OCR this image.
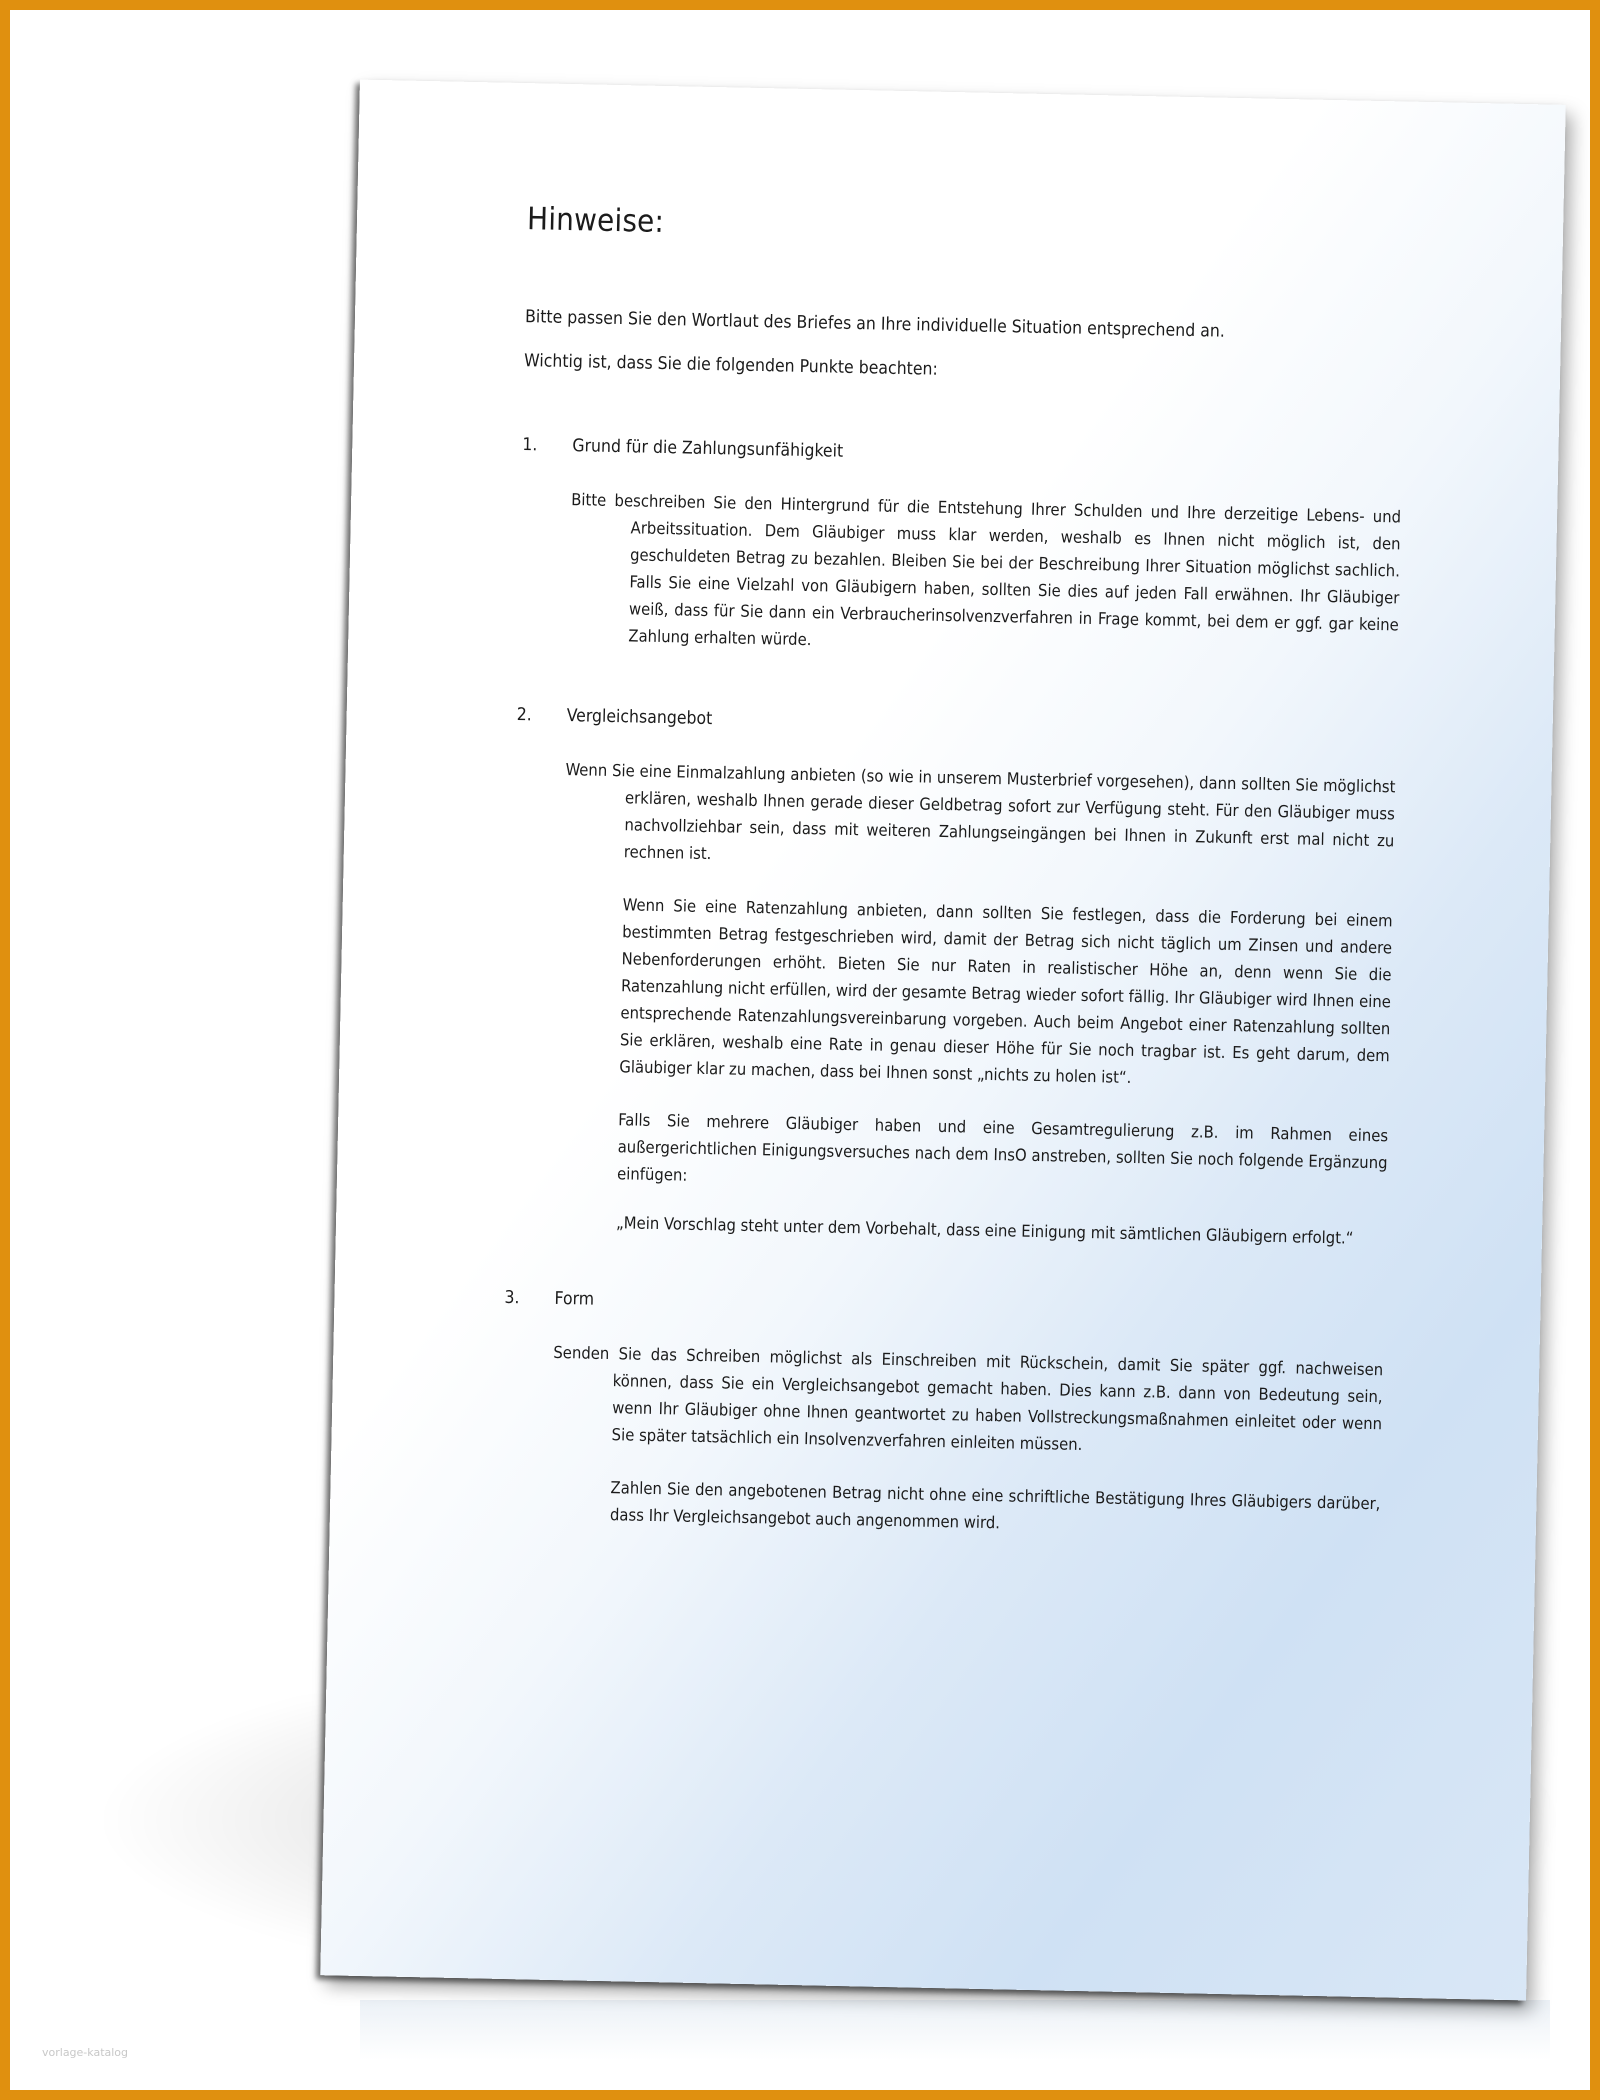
Hinweise:

Bitte passen Sie den Wortlaut des Briefes an Ihre individuelle Situation entsprechend an.

Wichtig ist, dass Sie die folgenden Punkte beachten:

1.	Grund für die Zahlungsunfähigkeit

Bitte beschreiben Sie den Hintergrund für die Entstehung Ihrer Schulden und Ihre derzeitige Lebens- und Arbeitssituation. Dem Gläubiger muss klar werden, weshalb es Ihnen nicht möglich ist, den geschuldeten Betrag zu bezahlen. Bleiben Sie bei der Beschreibung Ihrer Situation möglichst sachlich. Falls Sie eine Vielzahl von Gläubigern haben, sollten Sie dies auf jeden Fall erwähnen. Ihr Gläubiger weiß, dass für Sie dann ein Verbraucherinsolvenzverfahren in Frage kommt, bei dem er ggf. gar keine Zahlung erhalten würde.

2.	Vergleichsangebot

Wenn Sie eine Einmalzahlung anbieten (so wie in unserem Musterbrief vorgesehen), dann sollten Sie möglichst erklären, weshalb Ihnen gerade dieser Geldbetrag sofort zur Verfügung steht. Für den Gläubiger muss nachvollziehbar sein, dass mit weiteren Zahlungseingängen bei Ihnen in Zukunft erst mal nicht zu rechnen ist.

Wenn Sie eine Ratenzahlung anbieten, dann sollten Sie festlegen, dass die Forderung bei einem bestimmten Betrag festgeschrieben wird, damit der Betrag sich nicht täglich um Zinsen und andere Nebenforderungen erhöht. Bieten Sie nur Raten in realistischer Höhe an, denn wenn Sie die Ratenzahlung nicht erfüllen, wird der gesamte Betrag wieder sofort fällig. Ihr Gläubiger wird Ihnen eine entsprechende Ratenzahlungsvereinbarung vorgeben. Auch beim Angebot einer Ratenzahlung sollten Sie erklären, weshalb eine Rate in genau dieser Höhe für Sie noch tragbar ist. Es geht darum, dem Gläubiger klar zu machen, dass bei Ihnen sonst „nichts zu holen ist“.

Falls Sie mehrere Gläubiger haben und eine Gesamtregulierung z.B. im Rahmen eines außergerichtlichen Einigungsversuches nach dem InsO anstreben, sollten Sie noch folgende Ergänzung einfügen:

„Mein Vorschlag steht unter dem Vorbehalt, dass eine Einigung mit sämtlichen Gläubigern erfolgt.“

3.	Form

Senden Sie das Schreiben möglichst als Einschreiben mit Rückschein, damit Sie später ggf. nachweisen können, dass Sie ein Vergleichsangebot gemacht haben. Dies kann z.B. dann von Bedeutung sein, wenn Ihr Gläubiger ohne Ihnen geantwortet zu haben Vollstreckungsmaßnahmen einleitet oder wenn Sie später tatsächlich ein Insolvenzverfahren einleiten müssen.

Zahlen Sie den angebotenen Betrag nicht ohne eine schriftliche Bestätigung Ihres Gläubigers darüber, dass Ihr Vergleichsangebot auch angenommen wird.

vorlage-katalog
